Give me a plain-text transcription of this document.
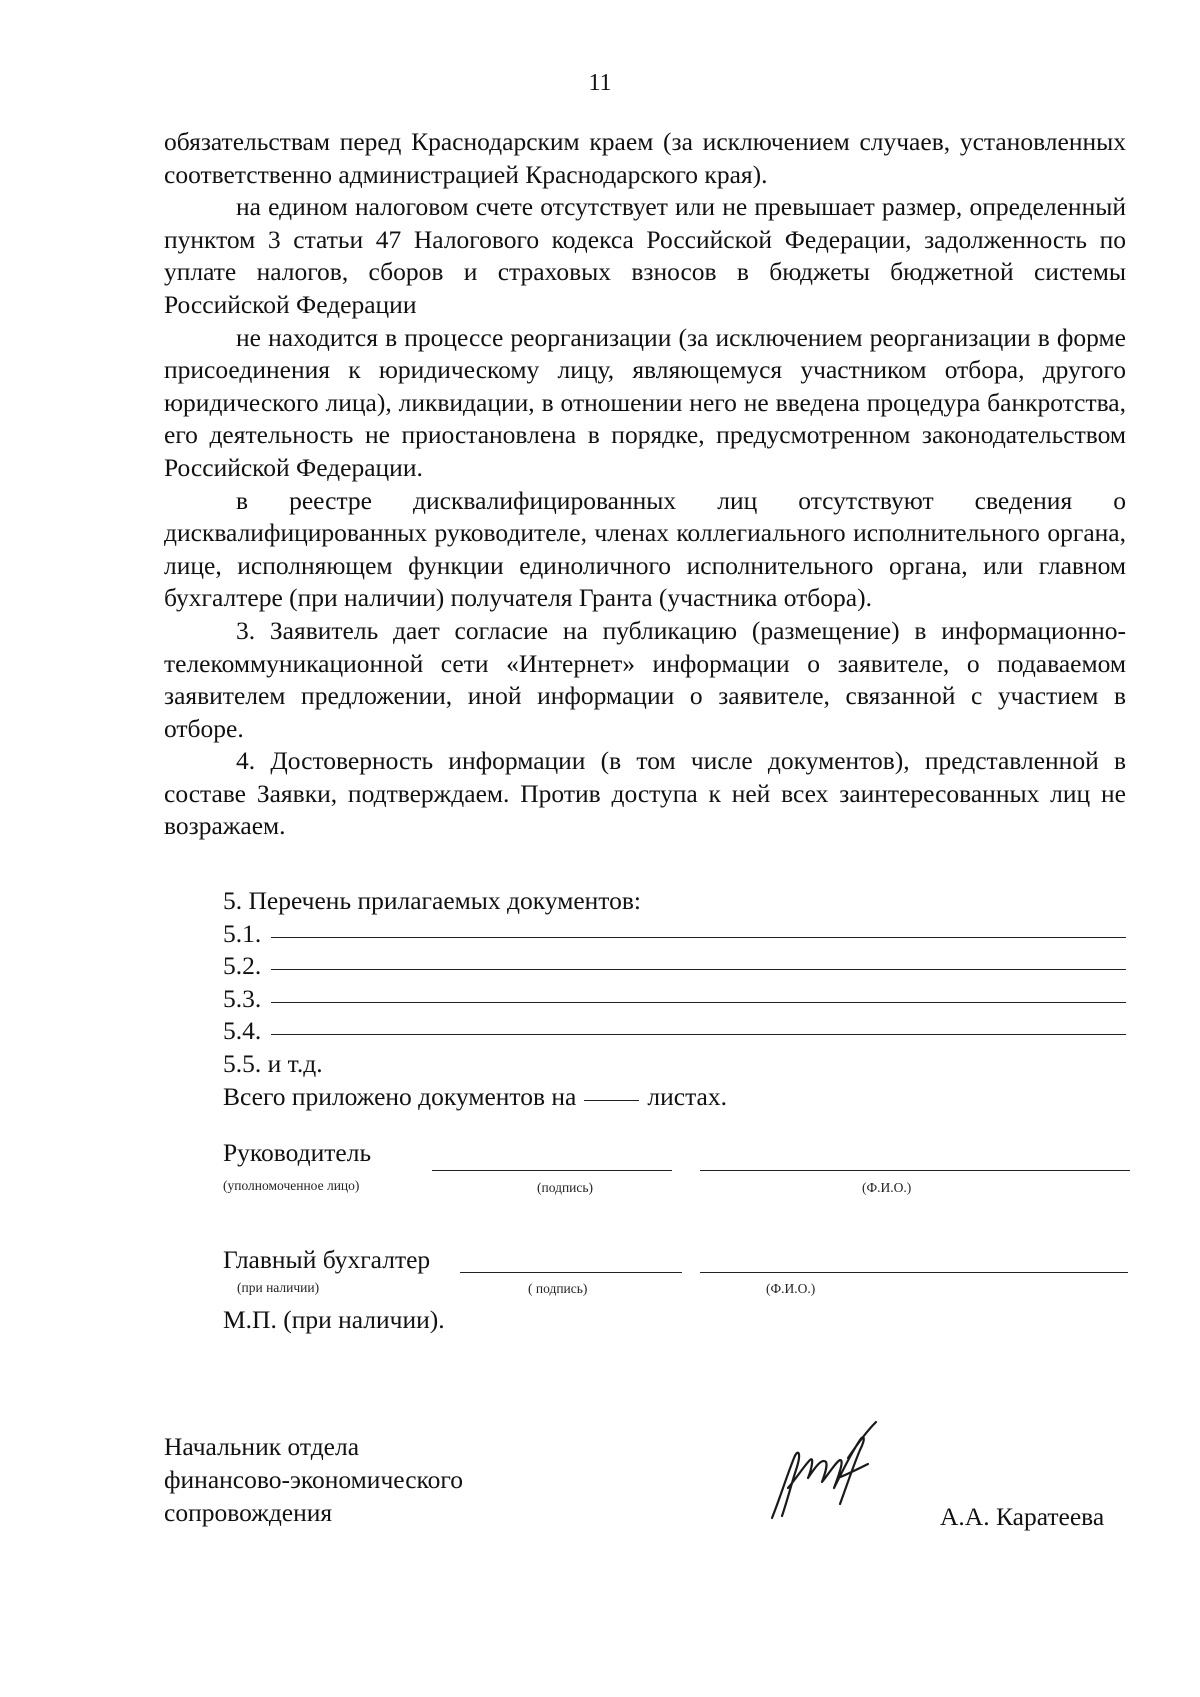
11

обязательствам перед Краснодарским краем (за исключением случаев, установленных соответственно администрацией Краснодарского края).

на едином налоговом счете отсутствует или не превышает размер, определенный пунктом 3 статьи 47 Налогового кодекса Российской Федерации, задолженность по уплате налогов, сборов и страховых взносов в бюджеты бюджетной системы Российской Федерации

не находится в процессе реорганизации (за исключением реорганизации в форме присоединения к юридическому лицу, являющемуся участником отбора, другого юридического лица), ликвидации, в отношении него не введена процедура банкротства, его деятельность не приостановлена в порядке, предусмотренном законодательством Российской Федерации.

в реестре дисквалифицированных лиц отсутствуют сведения о дисквалифицированных руководителе, членах коллегиального исполнительного органа, лице, исполняющем функции единоличного исполнительного органа, или главном бухгалтере (при наличии) получателя Гранта (участника отбора).

3. Заявитель дает согласие на публикацию (размещение) в информационно-телекоммуникационной сети «Интернет» информации о заявителе, о подаваемом заявителем предложении, иной информации о заявителе, связанной с участием в отборе.

4. Достоверность информации (в том числе документов), представленной в составе Заявки, подтверждаем. Против доступа к ней всех заинтересованных лиц не возражаем.

5. Перечень прилагаемых документов:
5.1.
5.2.
5.3.
5.4.
5.5. и т.д.
Всего приложено документов на	листах.
Руководитель
(уполномоченное лицо)	(подпись)	(Ф.И.О.)
Главный бухгалтер
(при наличии)	( подпись)	(Ф.И.О.)
М.П. (при наличии).
Начальник отдела
финансово-экономического
сопровождения	А.А. Каратеева
